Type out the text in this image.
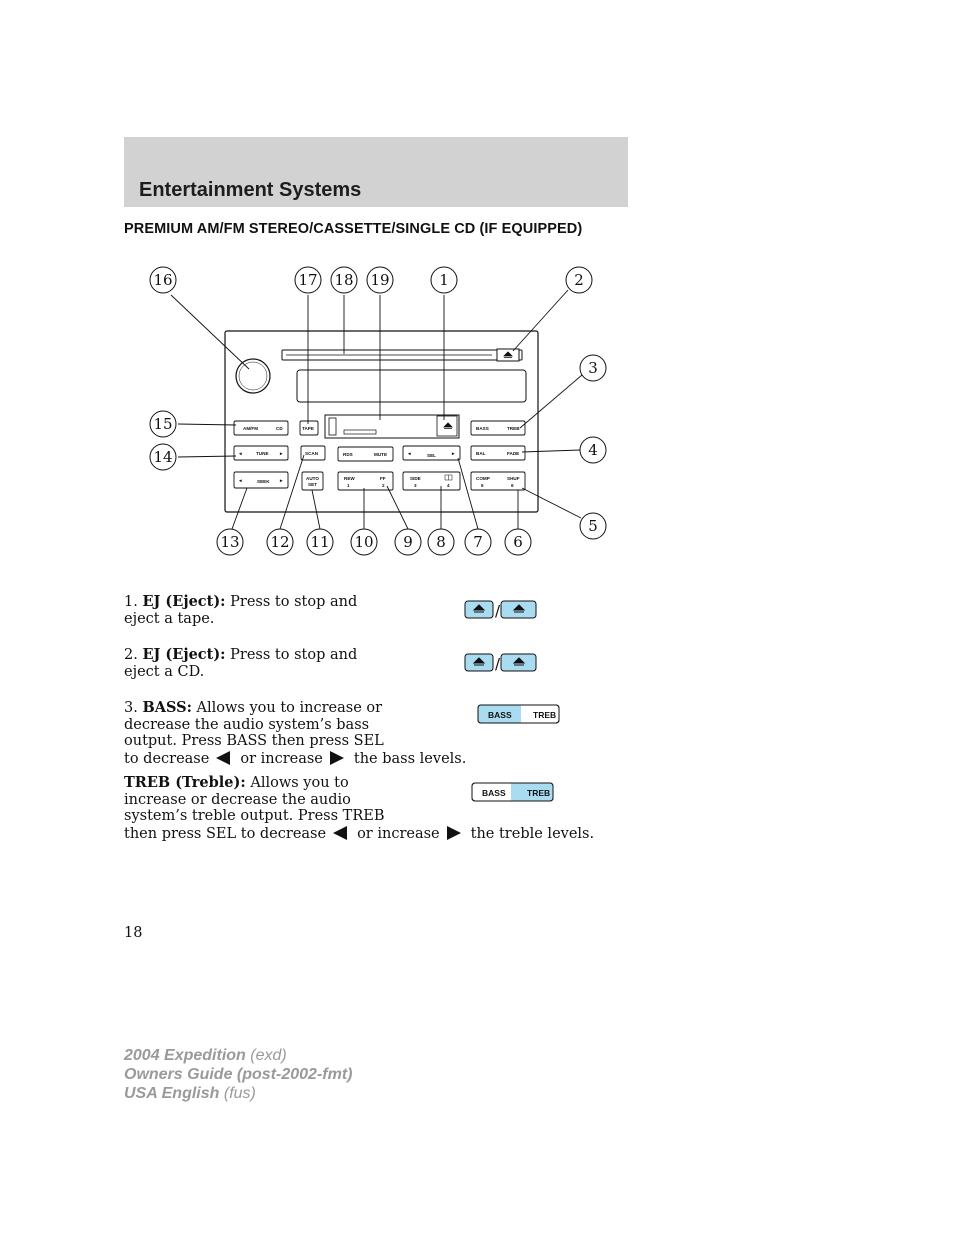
Entertainment Systems
PREMIUM AM/FM STEREO/CASSETTE/SINGLE CD (IF EQUIPPED)
AM/FM	CD
◄	TUNE ►
◄	SEEK ►
TAPE
SCAN
AUTO
SET
RDS	MUTE
REW
1
FF
2
◄	SEL	►
SIDE
3	4
BASS	TREB
BAL	FADE
COMP
5
SHUF
6
16	17 18 19	1	2
3
4
5
6
7
8
9
10
11
12
13
14
15
1. EJ (Eject): Press to stop and
eject a tape.	/
2. EJ (Eject): Press to stop and
eject a CD.	/
3. BASS: Allows you to increase or
decrease the audio system’s bass
output. Press BASS then press SEL
to decrease or increase the bass levels.
BASS	TREB
TREB (Treble): Allows you to
increase or decrease the audio
system’s treble output. Press TREB
then press SEL to decrease or increase the treble levels.
BASS	TREB
18
2004 Expedition (exd)
Owners Guide (post-2002-fmt)
USA English (fus)
